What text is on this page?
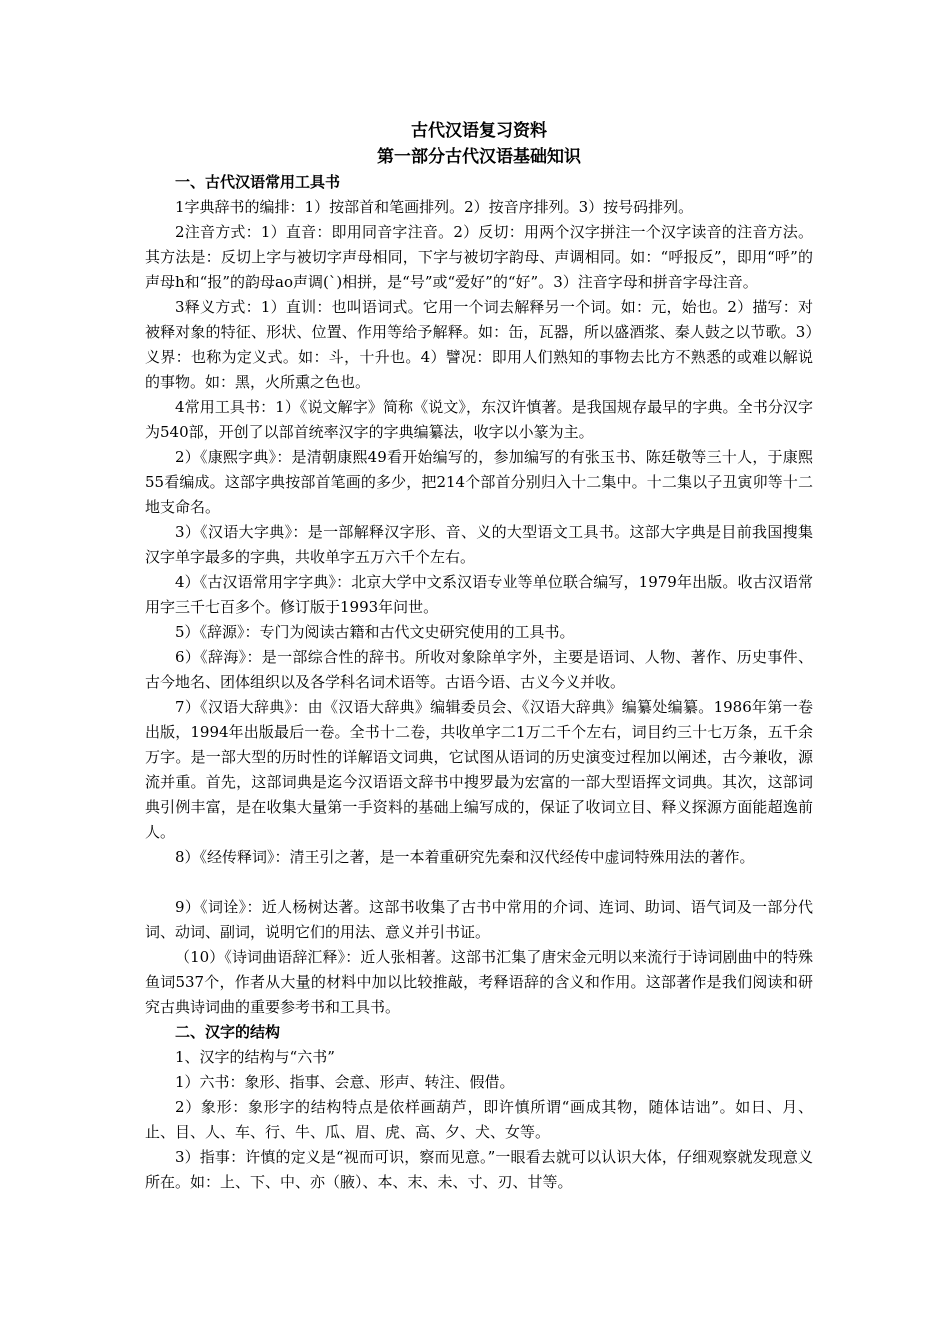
古代汉语复习资料

第一部分古代汉语基础知识

一、古代汉语常用工具书

1字典辞书的编排：1）按部首和笔画排列。2）按音序排列。3）按号码排列。

2注音方式：1）直音：即用同音字注音。2）反切：用两个汉字拼注一个汉字读音的注音方法。其方法是：反切上字与被切字声母相同，下字与被切字韵母、声调相同。如：“呼报反”，即用“呼”的声母h和“报”的韵母ao声调(ˋ)相拼，是“号”或“爱好”的“好”。3）注音字母和拼音字母注音。

3释义方式：1）直训：也叫语词式。它用一个词去解释另一个词。如：元，始也。2）描写：对被释对象的特征、形状、位置、作用等给予解释。如：缶，瓦器，所以盛酒浆、秦人鼓之以节歌。3）义界：也称为定义式。如：斗，十升也。4）譬况：即用人们熟知的事物去比方不熟悉的或难以解说的事物。如：黑，火所熏之色也。

4常用工具书：1）《说文解字》简称《说文》，东汉许慎著。是我国规存最早的字典。全书分汉字为540部，开创了以部首统率汉字的字典编纂法，收字以小篆为主。

2）《康熙字典》：是清朝康熙49看开始编写的，参加编写的有张玉书、陈廷敬等三十人，于康熙55看编成。这部字典按部首笔画的多少，把214个部首分别归入十二集中。十二集以子丑寅卯等十二地支命名。

3）《汉语大字典》：是一部解释汉字形、音、义的大型语文工具书。这部大字典是目前我国搜集汉字单字最多的字典，共收单字五万六千个左右。

4）《古汉语常用字字典》：北京大学中文系汉语专业等单位联合编写，1979年出版。收古汉语常用字三千七百多个。修订版于1993年问世。

5）《辞源》：专门为阅读古籍和古代文史研究使用的工具书。

6）《辞海》：是一部综合性的辞书。所收对象除单字外，主要是语词、人物、著作、历史事件、古今地名、团体组织以及各学科名词术语等。古语今语、古义今义并收。

7）《汉语大辞典》：由《汉语大辞典》编辑委员会、《汉语大辞典》编纂处编纂。1986年第一卷出版，1994年出版最后一卷。全书十二卷，共收单字二1万二千个左右，词目约三十七万条，五千余万字。是一部大型的历时性的详解语文词典，它试图从语词的历史演变过程加以阐述，古今兼收，源流并重。首先，这部词典是迄今汉语语文辞书中搜罗最为宏富的一部大型语挥文词典。其次，这部词典引例丰富，是在收集大量第一手资料的基础上编写成的，保证了收词立目、释义探源方面能超逸前人。

8）《经传释词》：清王引之著，是一本着重研究先秦和汉代经传中虚词特殊用法的著作。

9）《词诠》：近人杨树达著。这部书收集了古书中常用的介词、连词、助词、语气词及一部分代词、动词、副词，说明它们的用法、意义并引书证。

（10）《诗词曲语辞汇释》：近人张相著。这部书汇集了唐宋金元明以来流行于诗词剧曲中的特殊鱼词537个，作者从大量的材料中加以比较推敲，考释语辞的含义和作用。这部著作是我们阅读和研究古典诗词曲的重要参考书和工具书。

二、汉字的结构

1、汉字的结构与“六书”

1）六书：象形、指事、会意、形声、转注、假借。

2）象形：象形字的结构特点是依样画葫芦，即许慎所谓“画成其物，随体诘诎”。如日、月、止、目、人、车、行、牛、瓜、眉、虎、高、夕、犬、女等。

3）指事：许慎的定义是“视而可识，察而见意。”一眼看去就可以认识大体，仔细观察就发现意义所在。如：上、下、中、亦（腋）、本、末、未、寸、刃、甘等。
